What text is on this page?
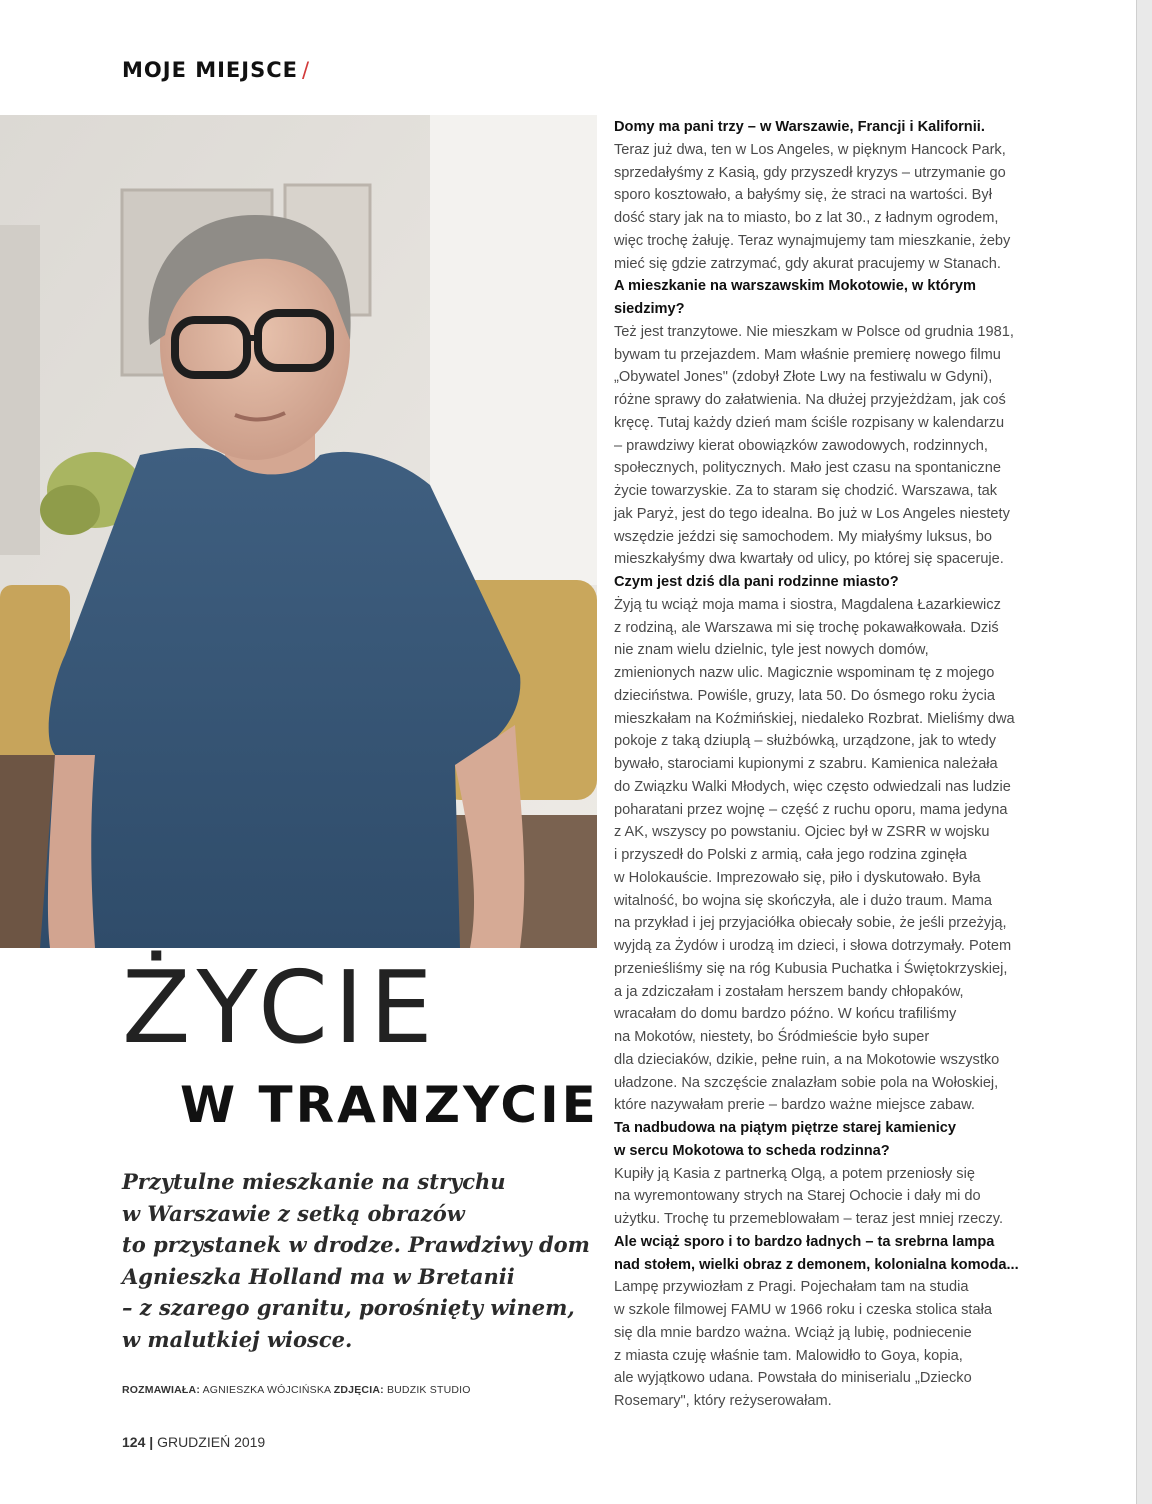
MOJE MIEJSCE /
ŻYCIE
W TRANZYCIE
Przytulne mieszkanie na strychu
w Warszawie z setką obrazów
to przystanek w drodze. Prawdziwy dom
Agnieszka Holland ma w Bretanii
– z szarego granitu, porośnięty winem,
w malutkiej wiosce.
ROZMAWIAŁA: AGNIESZKA WÓJCIŃSKA ZDJĘCIA: BUDZIK STUDIO
124 | GRUDZIEŃ 2019
Domy ma pani trzy – w Warszawie, Francji i Kalifornii.
Teraz już dwa, ten w Los Angeles, w pięknym Hancock Park,
sprzedałyśmy z Kasią, gdy przyszedł kryzys – utrzymanie go
sporo kosztowało, a bałyśmy się, że straci na wartości. Był
dość stary jak na to miasto, bo z lat 30., z ładnym ogrodem,
więc trochę żałuję. Teraz wynajmujemy tam mieszkanie, żeby
mieć się gdzie zatrzymać, gdy akurat pracujemy w Stanach.
A mieszkanie na warszawskim Mokotowie, w którym
siedzimy?
Też jest tranzytowe. Nie mieszkam w Polsce od grudnia 1981,
bywam tu przejazdem. Mam właśnie premierę nowego filmu
„Obywatel Jones" (zdobył Złote Lwy na festiwalu w Gdyni),
różne sprawy do załatwienia. Na dłużej przyjeżdżam, jak coś
kręcę. Tutaj każdy dzień mam ściśle rozpisany w kalendarzu
– prawdziwy kierat obowiązków zawodowych, rodzinnych,
społecznych, politycznych. Mało jest czasu na spontaniczne
życie towarzyskie. Za to staram się chodzić. Warszawa, tak
jak Paryż, jest do tego idealna. Bo już w Los Angeles niestety
wszędzie jeździ się samochodem. My miałyśmy luksus, bo
mieszkałyśmy dwa kwartały od ulicy, po której się spaceruje.
Czym jest dziś dla pani rodzinne miasto?
Żyją tu wciąż moja mama i siostra, Magdalena Łazarkiewicz
z rodziną, ale Warszawa mi się trochę pokawałkowała. Dziś
nie znam wielu dzielnic, tyle jest nowych domów,
zmienionych nazw ulic. Magicznie wspominam tę z mojego
dzieciństwa. Powiśle, gruzy, lata 50. Do ósmego roku życia
mieszkałam na Koźmińskiej, niedaleko Rozbrat. Mieliśmy dwa
pokoje z taką dziuplą – służbówką, urządzone, jak to wtedy
bywało, starociami kupionymi z szabru. Kamienica należała
do Związku Walki Młodych, więc często odwiedzali nas ludzie
poharatani przez wojnę – część z ruchu oporu, mama jedyna
z AK, wszyscy po powstaniu. Ojciec był w ZSRR w wojsku
i przyszedł do Polski z armią, cała jego rodzina zginęła
w Holokauście. Imprezowało się, piło i dyskutowało. Była
witalność, bo wojna się skończyła, ale i dużo traum. Mama
na przykład i jej przyjaciółka obiecały sobie, że jeśli przeżyją,
wyjdą za Żydów i urodzą im dzieci, i słowa dotrzymały. Potem
przenieśliśmy się na róg Kubusia Puchatka i Świętokrzyskiej,
a ja zdziczałam i zostałam herszem bandy chłopaków,
wracałam do domu bardzo późno. W końcu trafiliśmy
na Mokotów, niestety, bo Śródmieście było super
dla dzieciaków, dzikie, pełne ruin, a na Mokotowie wszystko
uładzone. Na szczęście znalazłam sobie pola na Wołoskiej,
które nazywałam prerie – bardzo ważne miejsce zabaw.
Ta nadbudowa na piątym piętrze starej kamienicy
w sercu Mokotowa to scheda rodzinna?
Kupiły ją Kasia z partnerką Olgą, a potem przeniosły się
na wyremontowany strych na Starej Ochocie i dały mi do
użytku. Trochę tu przemeblowałam – teraz jest mniej rzeczy.
Ale wciąż sporo i to bardzo ładnych – ta srebrna lampa
nad stołem, wielki obraz z demonem, kolonialna komoda...
Lampę przywiozłam z Pragi. Pojechałam tam na studia
w szkole filmowej FAMU w 1966 roku i czeska stolica stała
się dla mnie bardzo ważna. Wciąż ją lubię, podniecenie
z miasta czuję właśnie tam. Malowidło to Goya, kopia,
ale wyjątkowo udana. Powstała do miniserialu „Dziecko
Rosemary", który reżyserowałam.
